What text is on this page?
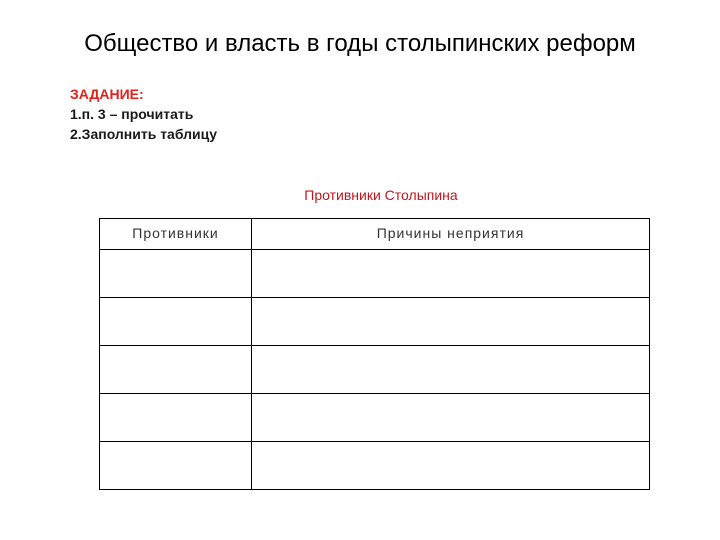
Общество и власть в годы столыпинских реформ
ЗАДАНИЕ:
1.п. 3 – прочитать
2.Заполнить таблицу
Противники Столыпина
Противники	Причины неприятия
